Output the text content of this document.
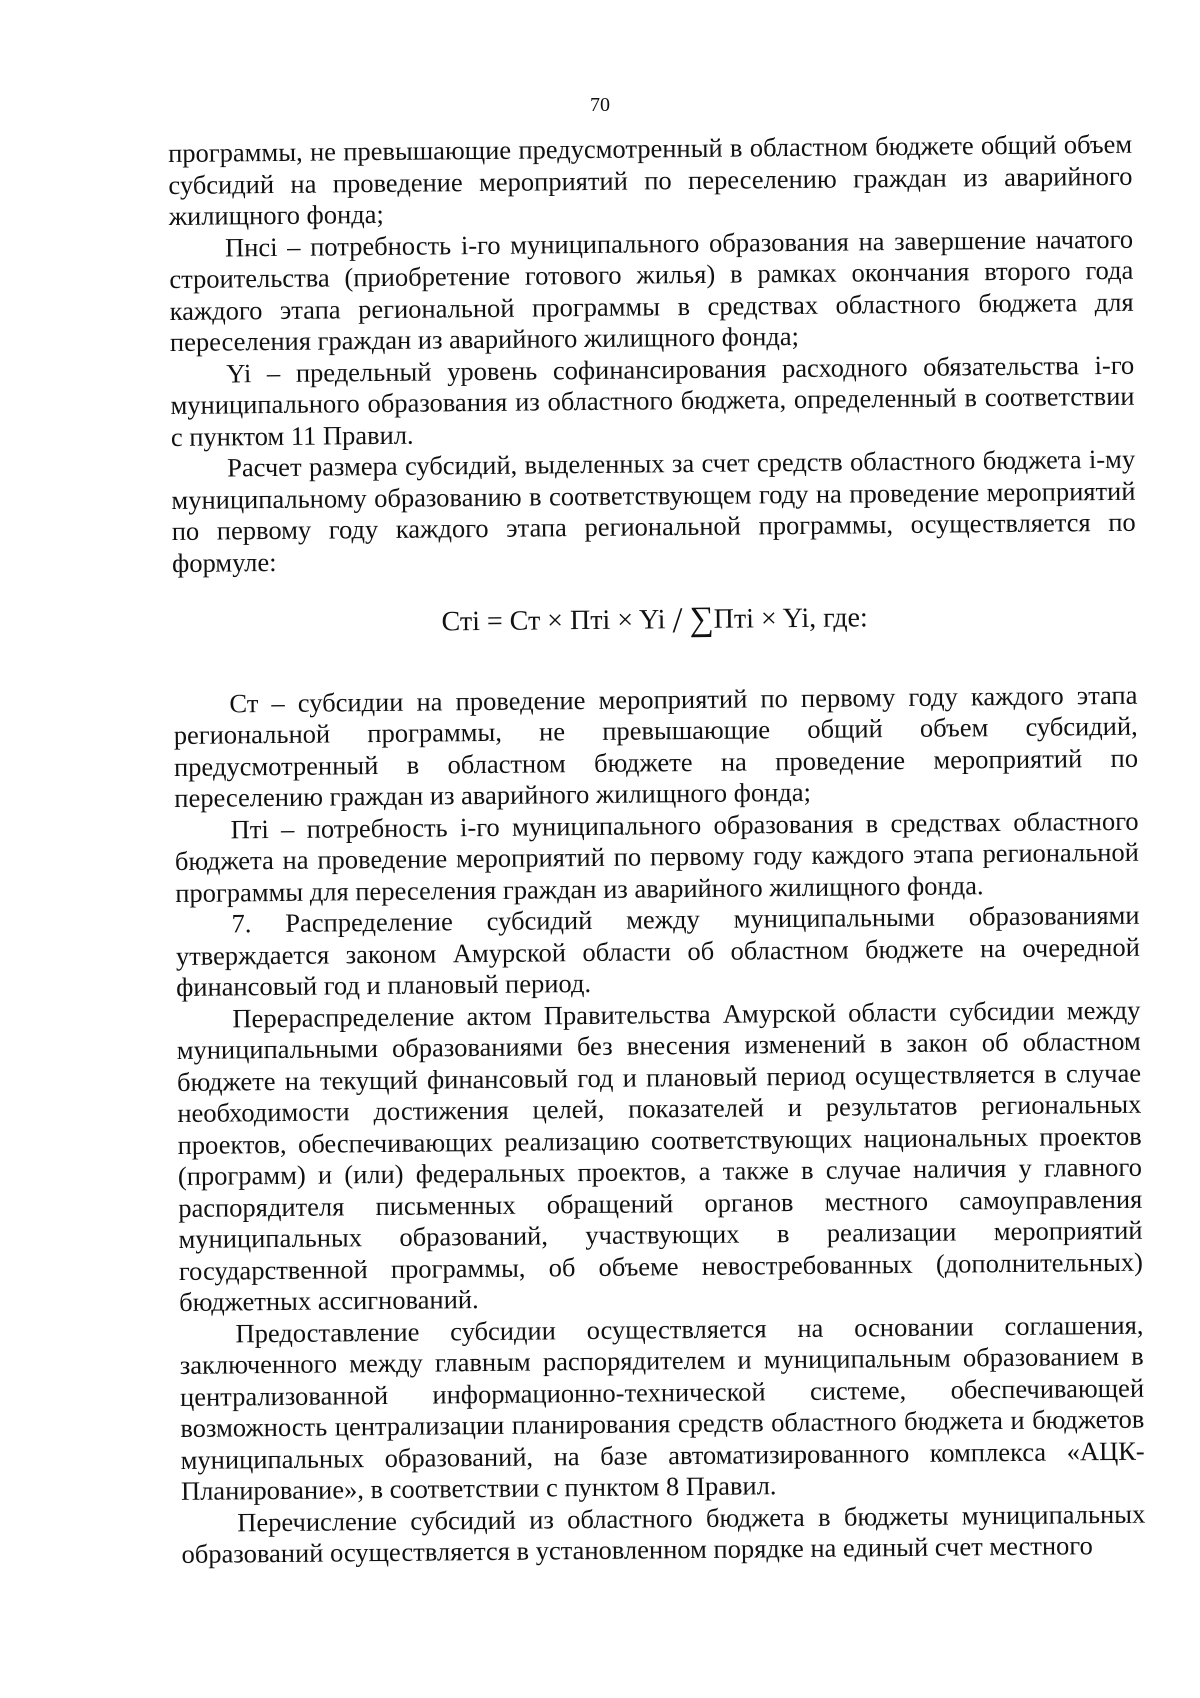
70

программы, не превышающие предусмотренный в областном бюджете общий объем субсидий на проведение мероприятий по переселению граждан из аварийного жилищного фонда;

Пнсi – потребность i-го муниципального образования на завершение начатого строительства (приобретение готового жилья) в рамках окончания второго года каждого этапа региональной программы в средствах областного бюджета для переселения граждан из аварийного жилищного фонда;

Yi – предельный уровень софинансирования расходного обязательства i-го муниципального образования из областного бюджета, определенный в соответствии с пунктом 11 Правил.

Расчет размера субсидий, выделенных за счет средств областного бюджета i-му муниципальному образованию в соответствующем году на проведение мероприятий по первому году каждого этапа региональной программы, осуществляется по формуле:

Стi = Ст × Птi × Yi / ∑Птi × Yi, где:

Ст – субсидии на проведение мероприятий по первому году каждого этапа региональной программы, не превышающие общий объем субсидий, предусмотренный в областном бюджете на проведение мероприятий по переселению граждан из аварийного жилищного фонда;

Птi – потребность i-го муниципального образования в средствах областного бюджета на проведение мероприятий по первому году каждого этапа региональной программы для переселения граждан из аварийного жилищного фонда.

7. Распределение субсидий между муниципальными образованиями утверждается законом Амурской области об областном бюджете на очередной финансовый год и плановый период.

Перераспределение актом Правительства Амурской области субсидии между муниципальными образованиями без внесения изменений в закон об областном бюджете на текущий финансовый год и плановый период осуществляется в случае необходимости достижения целей, показателей и результатов региональных проектов, обеспечивающих реализацию соответствующих национальных проектов (программ) и (или) федеральных проектов, а также в случае наличия у главного распорядителя письменных обращений органов местного самоуправления муниципальных образований, участвующих в реализации мероприятий государственной программы, об объеме невостребованных (дополнительных) бюджетных ассигнований.

Предоставление субсидии осуществляется на основании соглашения, заключенного между главным распорядителем и муниципальным образованием в централизованной информационно-технической системе, обеспечивающей возможность централизации планирования средств областного бюджета и бюджетов муниципальных образований, на базе автоматизированного комплекса «АЦК-Планирование», в соответствии с пунктом 8 Правил.

Перечисление субсидий из областного бюджета в бюджеты муниципальных образований осуществляется в установленном порядке на единый счет местного
